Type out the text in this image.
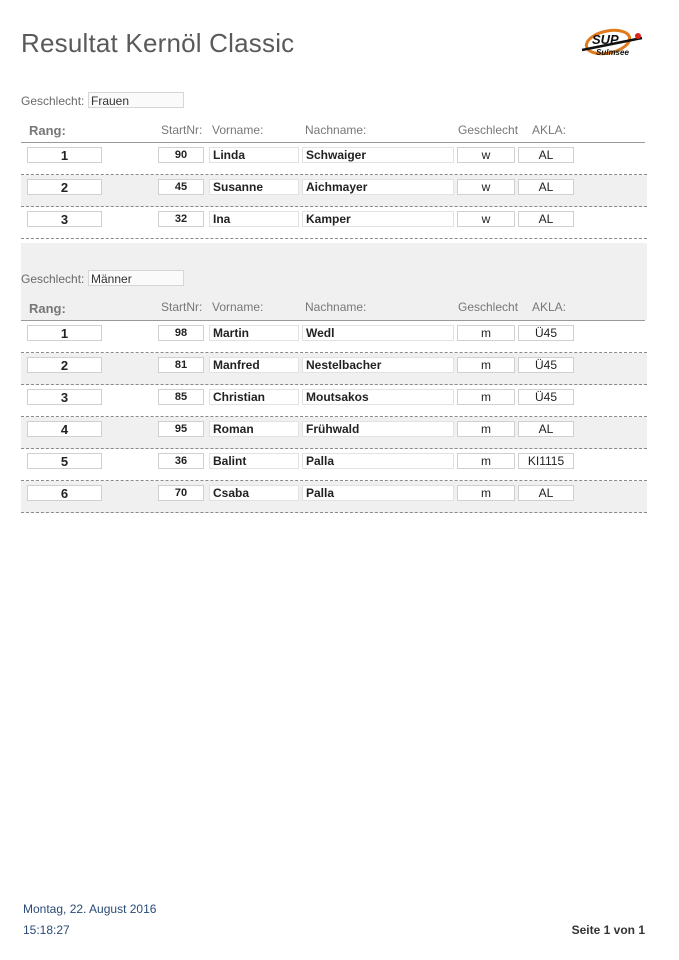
Resultat Kernöl Classic	SUP
Sulmsee
Geschlecht: Frauen
Rang:	StartNr: Vorname:	Nachname:	Geschlecht AKLA:
1	90	Linda	Schwaiger	w	AL
2	45	Susanne	Aichmayer	w	AL
3	32	Ina	Kamper	w	AL
Geschlecht: Männer
Rang:	StartNr: Vorname:	Nachname:	Geschlecht AKLA:
1	98	Martin	Wedl	m	Ü45
2	81	Manfred	Nestelbacher	m	Ü45
3	85	Christian	Moutsakos	m	Ü45
4	95	Roman	Frühwald	m	AL
5	36	Balint	Palla	m	KI1115
6	70	Csaba	Palla	m	AL
Montag, 22. August 2016
15:18:27	Seite 1 von 1
